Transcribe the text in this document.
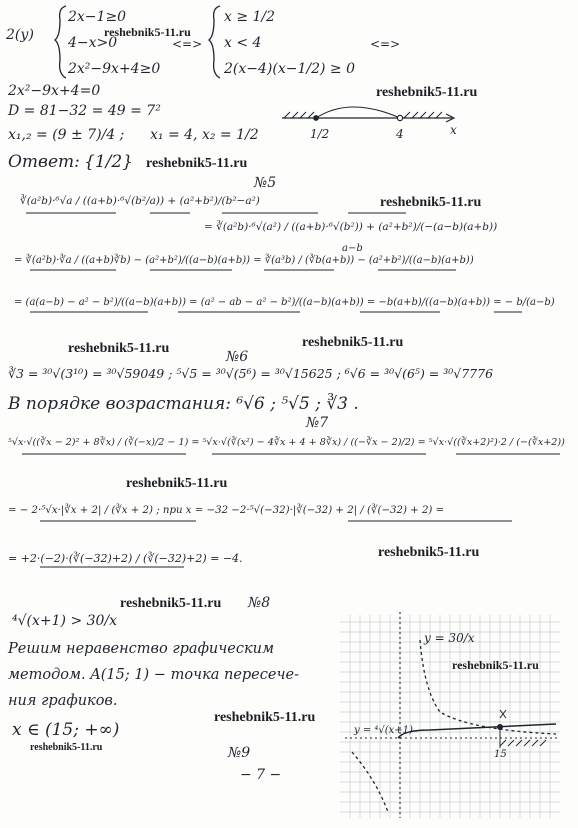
2(у)
2x−1≥0
4−x>0
2x²−9x+4≥0
<=>
x ≥ 1/2
x < 4
2(x−4)(x−1/2) ≥ 0
<=>
2x²−9x+4=0
D = 81−32 = 49 = 7²
x₁,₂ = (9 ± 7)/4 ; x₁ = 4, x₂ = 1/2	1/2	4	x
Ответ: {1/2}
№5
∛(a²b)·⁶√a / ((a+b)·⁶√(b²/a)) + (a²+b²)/(b²−a²)
= ∛(a²b)·⁶√(a²) / ((a+b)·⁶√(b²)) + (a²+b²)/(−(a−b)(a+b))
a−b
= ∛(a²b)·∛a / ((a+b)∛b) − (a²+b²)/((a−b)(a+b)) = ∛(a³b) / (∛b(a+b)) − (a²+b²)/((a−b)(a+b))
= (a(a−b) − a² − b²)/((a−b)(a+b)) = (a² − ab − a² − b²)/((a−b)(a+b)) = −b(a+b)/((a−b)(a+b)) = − b/(a−b)
№6
∛3 = ³⁰√(3¹⁰) = ³⁰√59049 ; ⁵√5 = ³⁰√(5⁶) = ³⁰√15625 ; ⁶√6 = ³⁰√(6⁵) = ³⁰√7776
В порядке возрастания: ⁶√6 ; ⁵√5 ; ∛3 .
№7
⁵√x·√((∛x − 2)² + 8∛x) / (∛(−x)/2 − 1) = ⁵√x·√(∛(x²) − 4∛x + 4 + 8∛x) / ((−∛x − 2)/2) = ⁵√x·√((∛x+2)²)·2 / (−(∛x+2))
= − 2·⁵√x·|∛x + 2| / (∛x + 2) ; при x = −32 −2·⁵√(−32)·|∛(−32) + 2| / (∛(−32) + 2) =
= +2·(−2)·(∛(−32)+2) / (∛(−32)+2) = −4.
№8
⁴√(x+1) > 30/x
Решим неравенство графическим
методом. A(15; 1) − точка пересече-
ния графиков.
x ∈ (15; +∞)
y = 30/x
y = ⁴√(x+1)
15
№9
− 7 −
reshebnik5-11.ru
reshebnik5-11.ru
reshebnik5-11.ru
reshebnik5-11.ru
reshebnik5-11.ru	reshebnik5-11.ru
reshebnik5-11.ru
reshebnik5-11.ru
reshebnik5-11.ru
reshebnik5-11.ru
reshebnik5-11.ru
reshebnik5-11.ru
